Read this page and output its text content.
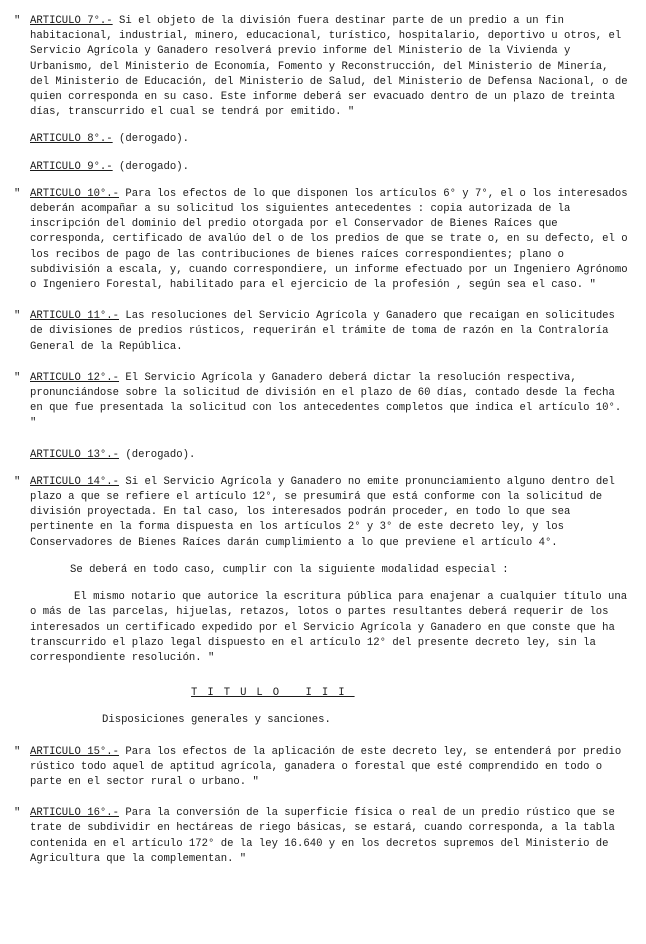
" ARTICULO 7°.- Si el objeto de la división fuera destinar parte de un predio a un fin habitacional, industrial, minero, educacional, turístico, hospitalario, deportivo u otros, el Servicio Agrícola y Ganadero resolverá previo informe del Ministerio de la Vivienda y Urbanismo, del Ministerio de Economía, Fomento y Reconstrucción, del Ministerio de Minería, del Ministerio de Educación, del Ministerio de Salud, del Ministerio de Defensa Nacional, o de quien corresponda en su caso. Este informe deberá ser evacuado dentro de un plazo de treinta días, transcurrido el cual se tendrá por emitido. "

ARTICULO 8°.- (derogado).

ARTICULO 9°.- (derogado).

" ARTICULO 10°.- Para los efectos de lo que disponen los artículos 6° y 7°, el o los interesados deberán acompañar a su solicitud los siguientes antecedentes : copia autorizada de la inscripción del dominio del predio otorgada por el Conservador de Bienes Raíces que corresponda, certificado de avalúo del o de los predios de que se trate o, en su defecto, el o los recibos de pago de las contribuciones de bienes raíces correspondientes; plano o subdivisión a escala, y, cuando correspondiere, un informe efectuado por un Ingeniero Agrónomo o Ingeniero Forestal, habilitado para el ejercicio de la profesión , según sea el caso. "

" ARTICULO 11°.- Las resoluciones del Servicio Agrícola y Ganadero que recaigan en solicitudes de divisiones de predios rústicos, requerirán el trámite de toma de razón en la Contraloría General de la República.

" ARTICULO 12°.- El Servicio Agrícola y Ganadero deberá dictar la resolución respectiva, pronunciándose sobre la solicitud de división en el plazo de 60 días, contado desde la fecha en que fue presentada la solicitud con los antecedentes completos que indica el artículo 10°. "

ARTICULO 13°.- (derogado).

" ARTICULO 14°.- Si el Servicio Agrícola y Ganadero no emite pronunciamiento alguno dentro del plazo a que se refiere el artículo 12°, se presumirá que está conforme con la solicitud de división proyectada. En tal caso, los interesados podrán proceder, en todo lo que sea pertinente en la forma dispuesta en los artículos 2° y 3° de este decreto ley, y los Conservadores de Bienes Raíces darán cumplimiento a lo que previene el artículo 4°.

Se deberá en todo caso, cumplir con la siguiente modalidad especial :

El mismo notario que autorice la escritura pública para enajenar a cualquier título una o más de las parcelas, hijuelas, retazos, lotos o partes resultantes deberá requerir de los interesados un certificado expedido por el Servicio Agrícola y Ganadero en que conste que ha transcurrido el plazo legal dispuesto en el artículo 12° del presente decreto ley, sin la correspondiente resolución. "

TITULO III

Disposiciones generales y sanciones.

" ARTICULO 15°.- Para los efectos de la aplicación de este decreto ley, se entenderá por predio rústico todo aquel de aptitud agrícola, ganadera o forestal que esté comprendido en todo o parte en el sector rural o urbano. "

" ARTICULO 16°.- Para la conversión de la superficie física o real de un predio rústico que se trate de subdividir en hectáreas de riego básicas, se estará, cuando corresponda, a la tabla contenida en el artículo 172° de la ley 16.640 y en los decretos supremos del Ministerio de Agricultura que la complementan. "
